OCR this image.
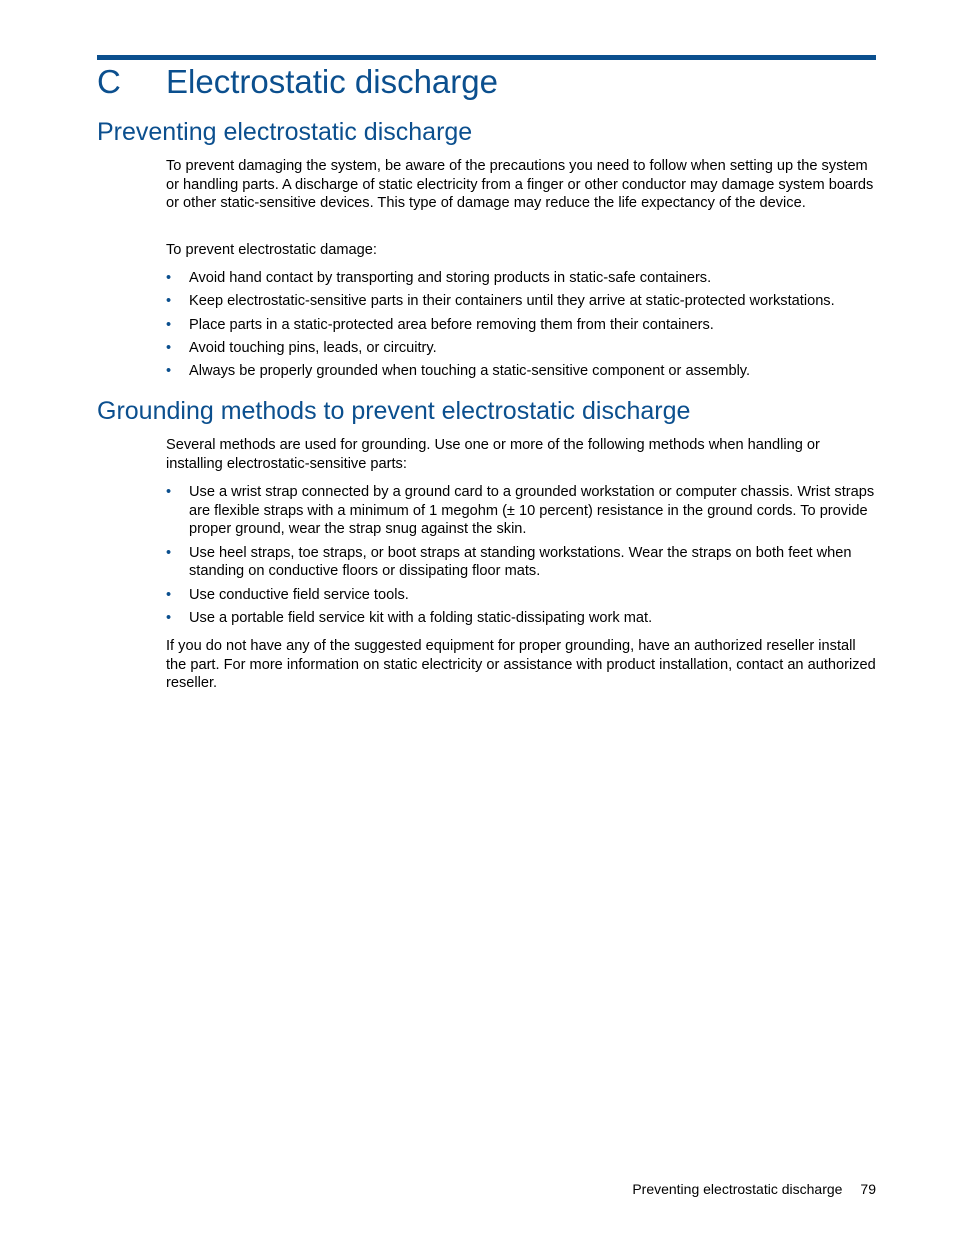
C Electrostatic discharge
Preventing electrostatic discharge

To prevent damaging the system, be aware of the precautions you need to follow when setting up the system or handling parts. A discharge of static electricity from a finger or other conductor may damage system boards or other static-sensitive devices. This type of damage may reduce the life expectancy of the device.

To prevent electrostatic damage:

• Avoid hand contact by transporting and storing products in static-safe containers.
• Keep electrostatic-sensitive parts in their containers until they arrive at static-protected workstations.
• Place parts in a static-protected area before removing them from their containers.
• Avoid touching pins, leads, or circuitry.
• Always be properly grounded when touching a static-sensitive component or assembly.
Grounding methods to prevent electrostatic discharge

Several methods are used for grounding. Use one or more of the following methods when handling or installing electrostatic-sensitive parts:

• Use a wrist strap connected by a ground card to a grounded workstation or computer chassis. Wrist straps are flexible straps with a minimum of 1 megohm (± 10 percent) resistance in the ground cords. To provide proper ground, wear the strap snug against the skin.
• Use heel straps, toe straps, or boot straps at standing workstations. Wear the straps on both feet when standing on conductive floors or dissipating floor mats.
• Use conductive field service tools.
• Use a portable field service kit with a folding static-dissipating work mat.

If you do not have any of the suggested equipment for proper grounding, have an authorized reseller install the part. For more information on static electricity or assistance with product installation, contact an authorized reseller.

Preventing electrostatic discharge 79
